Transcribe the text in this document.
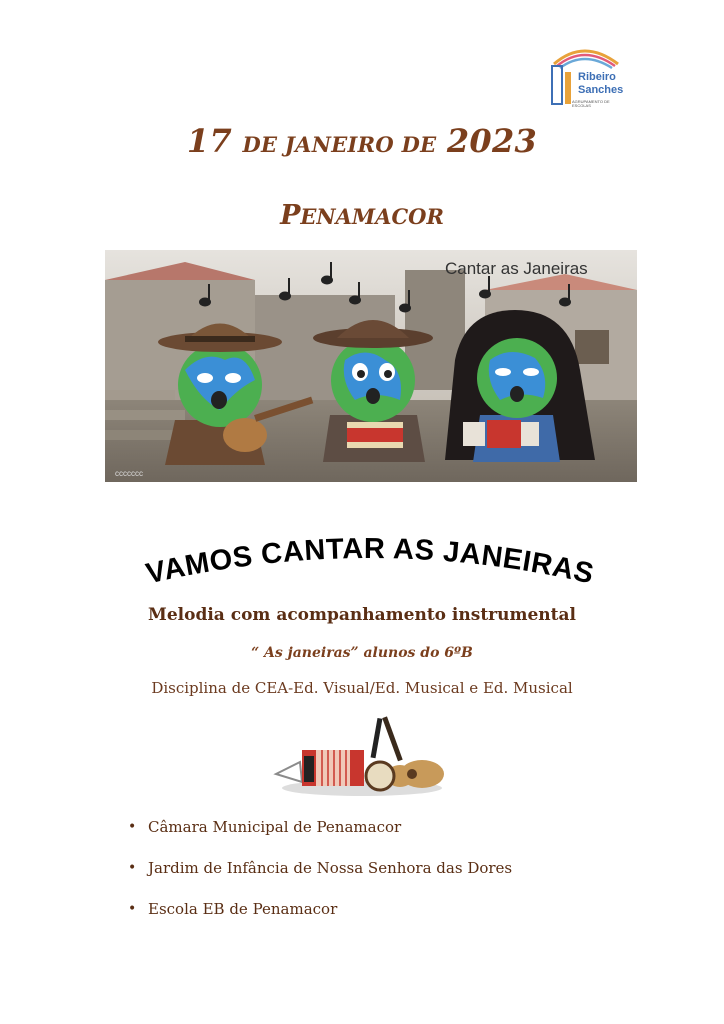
Ribeiro
Sanches
AGRUPAMENTO DE ESCOLAS
17 DE JANEIRO DE 2023
PENAMACOR
Cantar as Janeiras
ccccccc
VAMOS CANTAR AS JANEIRAS
Melodia com acompanhamento instrumental
“ As janeiras” alunos do 6ºB
Disciplina de CEA-Ed. Visual/Ed. Musical e Ed. Musical
• Câmara Municipal de Penamacor
• Jardim de Infância de Nossa Senhora das Dores
• Escola EB de Penamacor
